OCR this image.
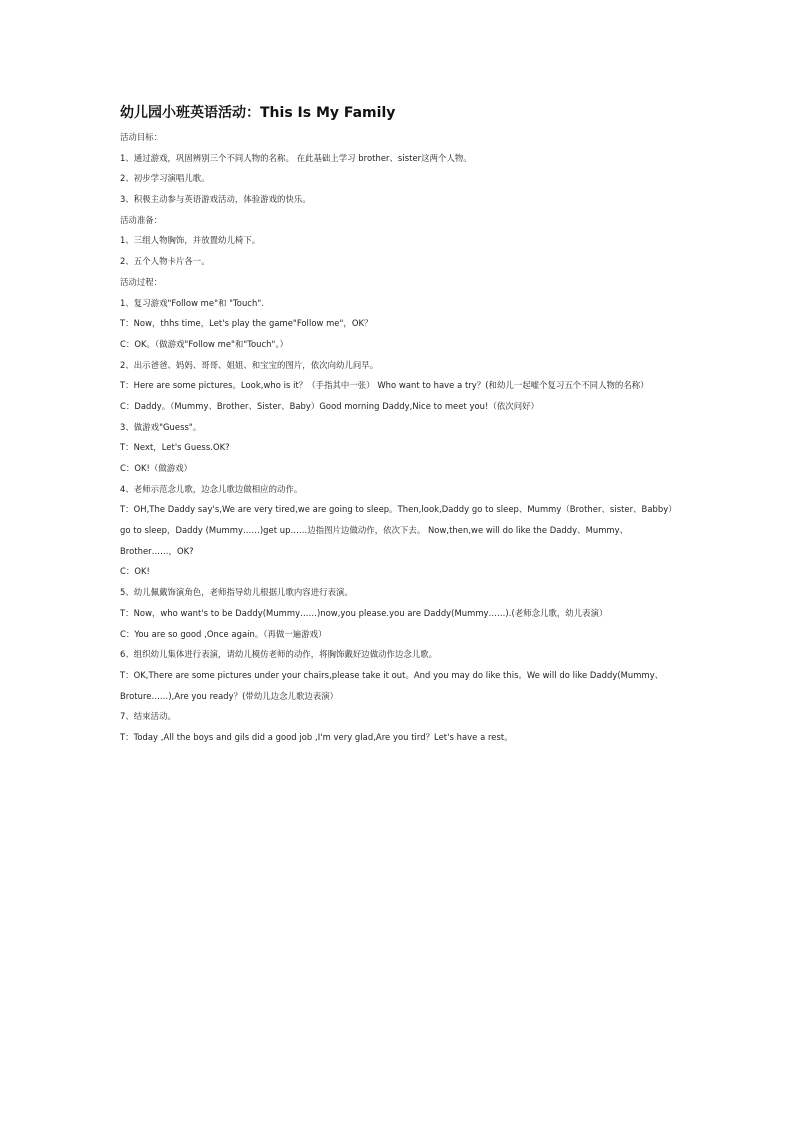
幼儿园小班英语活动：This Is My Family
活动目标：
1、通过游戏，巩固辨别三个不同人物的名称。 在此基础上学习 brother、sister这两个人物。
2、初步学习演唱儿歌。
3、积极主动参与英语游戏活动，体验游戏的快乐。
活动准备：
1、三组人物胸饰，并放置幼儿椅下。
2、五个人物卡片各一。
活动过程：
1、复习游戏"Follow me"和 "Touch".
T：Now，thhs time，Let's play the game"Follow me"，OK？
C：OK。（做游戏"Follow me"和"Touch"。）
2、出示爸爸、妈妈、哥哥、姐姐、和宝宝的图片，依次向幼儿问早。
T：Here are some pictures。Look,who is it？（手指其中一张） Who want to have a try？(和幼儿一起嘘个复习五个不同人物的名称）
C：Daddy。（Mummy、Brother、Sister、Baby）Good morning Daddy,Nice to meet you!（依次问好）
3、做游戏"Guess"。
T：Next，Let's Guess.OK?
C：OK!（做游戏）
4、老师示范念儿歌，边念儿歌边做相应的动作。
T：OH,The Daddy say's,We are very tired,we are going to sleep。Then,look,Daddy go to sleep、Mummy（Brother、sister、Babby）
go to sleep，Daddy (Mummy……)get up……边指图片边做动作，依次下去。 Now,then,we will do like the Daddy、Mummy、
Brother……，OK?
C：OK!
5、幼儿佩戴饰演角色，老师指导幼儿根据儿歌内容进行表演。
T：Now，who want's to be Daddy(Mummy……)now,you please.you are Daddy(Mummy……).(老师念儿歌，幼儿表演）
C：You are so good ,Once again。（再做一遍游戏）
6、组织幼儿集体进行表演，请幼儿模仿老师的动作，将胸饰戴好边做动作边念儿歌。
T：OK,There are some pictures under your chairs,please take it out。And you may do like this。We will do like Daddy(Mummy、
Broture……),Are you ready？(带幼儿边念儿歌边表演）
7、结束活动。
T：Today ,All the boys and gils did a good job ,I'm very glad,Are you tird？Let's have a rest。
